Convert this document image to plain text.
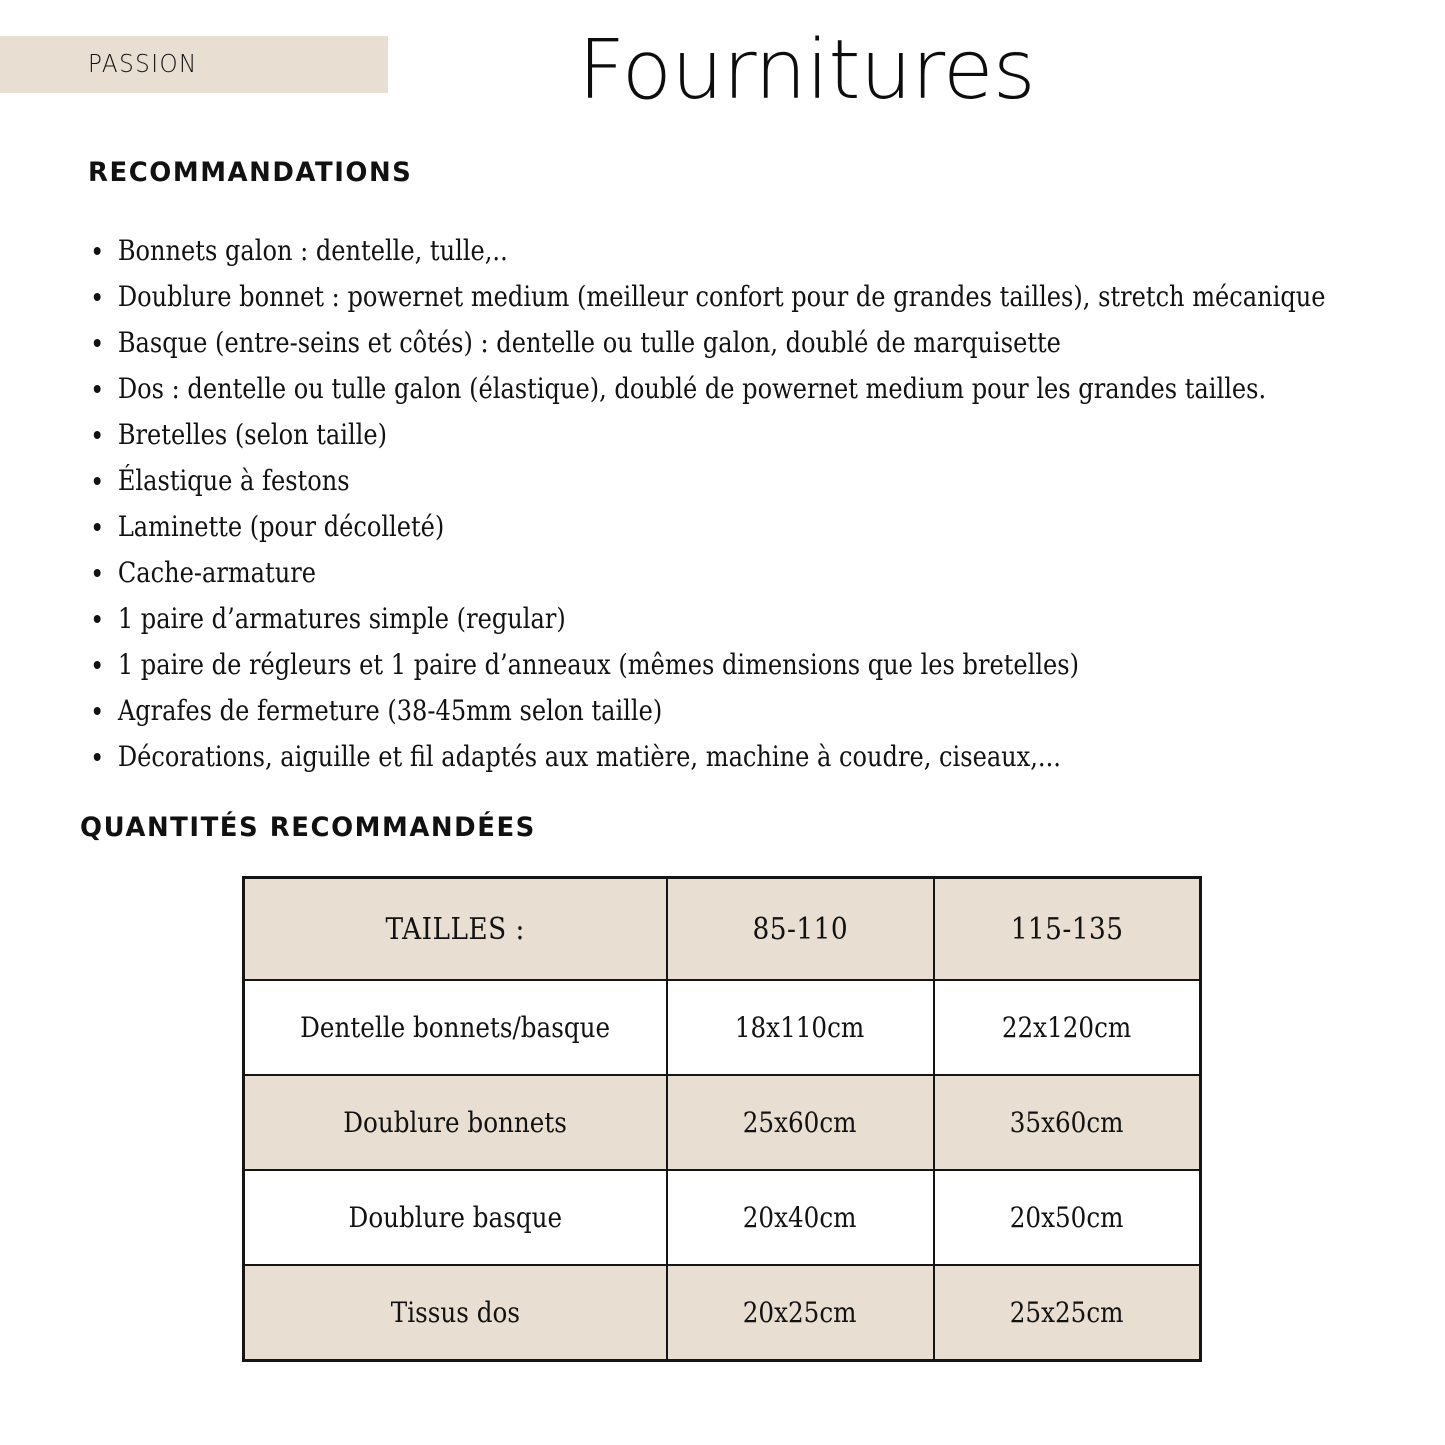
PASSION	Fournitures
RECOMMANDATIONS
Bonnets galon : dentelle, tulle,..
Doublure bonnet : powernet medium (meilleur confort pour de grandes tailles), stretch mécanique
Basque (entre-seins et côtés) : dentelle ou tulle galon, doublé de marquisette
Dos : dentelle ou tulle galon (élastique), doublé de powernet medium pour les grandes tailles.
Bretelles (selon taille)
Élastique à festons
Laminette (pour décolleté)
Cache-armature
1 paire d’armatures simple (regular)
1 paire de régleurs et 1 paire d’anneaux (mêmes dimensions que les bretelles)
Agrafes de fermeture (38-45mm selon taille)
Décorations, aiguille et fil adaptés aux matière, machine à coudre, ciseaux,...
QUANTITÉS RECOMMANDÉES
TAILLES :	85-110	115-135
Dentelle bonnets/basque	18x110cm	22x120cm
Doublure bonnets	25x60cm	35x60cm
Doublure basque	20x40cm	20x50cm
Tissus dos	20x25cm	25x25cm
